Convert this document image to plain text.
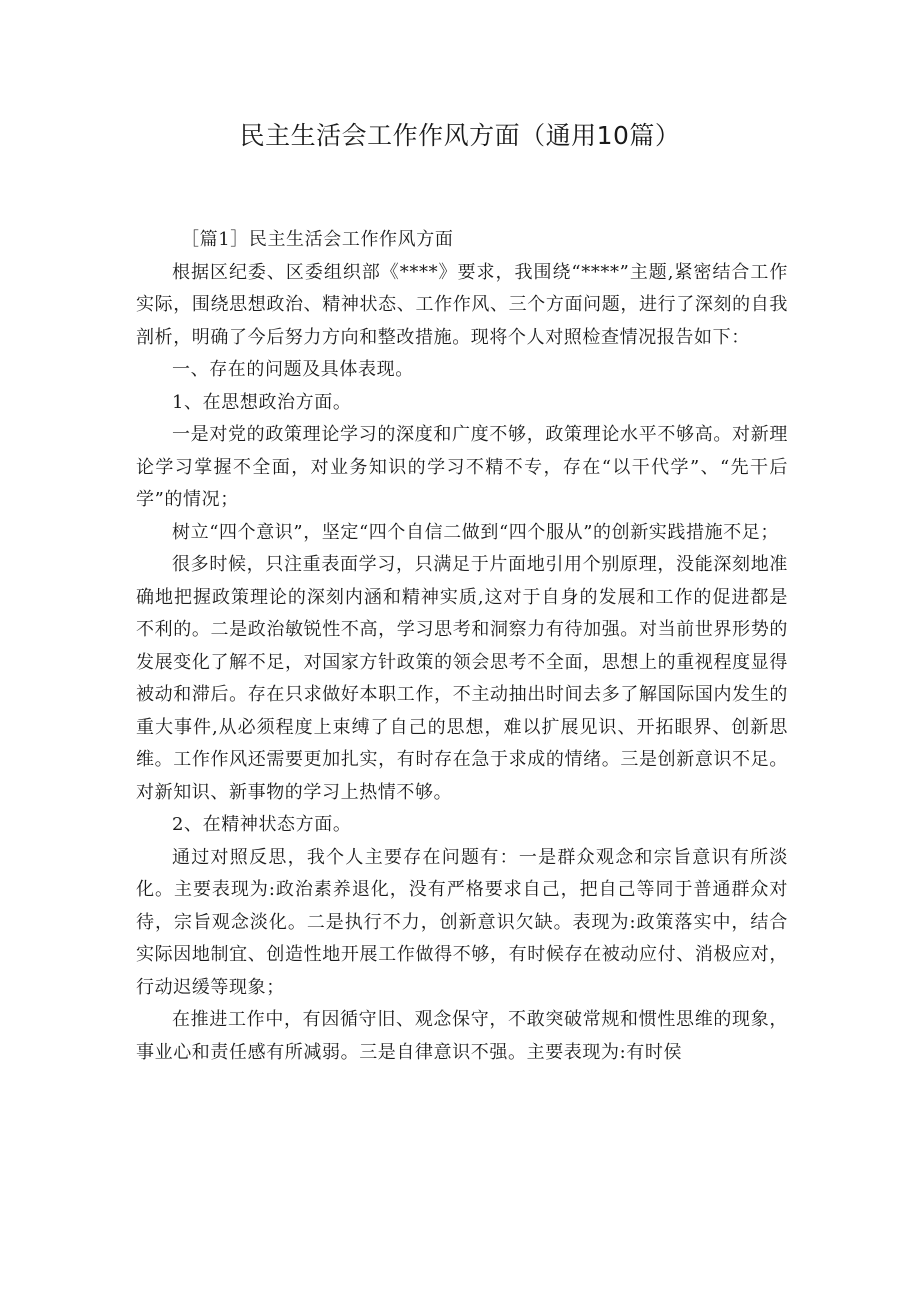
民主生活会工作作风方面（通用10篇）

［篇1］民主生活会工作作风方面

根据区纪委、区委组织部《****》要求，我围绕“****”主题,紧密结合工作实际，围绕思想政治、精神状态、工作作风、三个方面问题，进行了深刻的自我剖析，明确了今后努力方向和整改措施。现将个人对照检查情况报告如下：

一、存在的问题及具体表现。

1、在思想政治方面。

一是对党的政策理论学习的深度和广度不够，政策理论水平不够高。对新理论学习掌握不全面，对业务知识的学习不精不专，存在“以干代学”、“先干后学”的情况；

树立“四个意识”，坚定“四个自信二做到“四个服从”的创新实践措施不足；

很多时候，只注重表面学习，只满足于片面地引用个别原理，没能深刻地准确地把握政策理论的深刻内涵和精神实质,这对于自身的发展和工作的促进都是不利的。二是政治敏锐性不高，学习思考和洞察力有待加强。对当前世界形势的发展变化了解不足，对国家方针政策的领会思考不全面，思想上的重视程度显得被动和滞后。存在只求做好本职工作，不主动抽出时间去多了解国际国内发生的重大事件,从必须程度上束缚了自己的思想，难以扩展见识、开拓眼界、创新思维。工作作风还需要更加扎实，有时存在急于求成的情绪。三是创新意识不足。对新知识、新事物的学习上热情不够。

2、在精神状态方面。

通过对照反思，我个人主要存在问题有：一是群众观念和宗旨意识有所淡化。主要表现为:政治素养退化，没有严格要求自己，把自己等同于普通群众对待，宗旨观念淡化。二是执行不力，创新意识欠缺。表现为:政策落实中，结合实际因地制宜、创造性地开展工作做得不够，有时候存在被动应付、消极应对，行动迟缓等现象；

在推进工作中，有因循守旧、观念保守，不敢突破常规和惯性思维的现象，事业心和责任感有所减弱。三是自律意识不强。主要表现为:有时侯
